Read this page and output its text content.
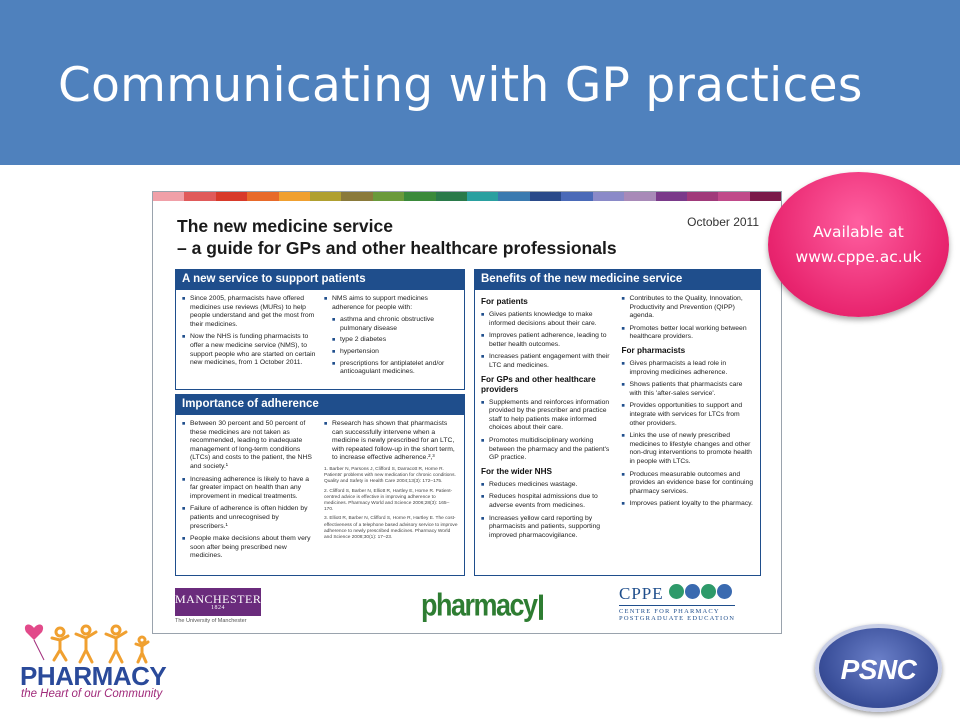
Communicating with GP practices
The new medicine service
– a guide for GPs and other healthcare professionals
October 2011
A new service to support patients
■ Since 2005, pharmacists have offered medicines use reviews (MURs) to help people understand and get the most from their medicines.
■ Now the NHS is funding pharmacists to offer a new medicine service (NMS), to support people who are started on certain new medicines, from 1 October 2011.
■ NMS aims to support medicines adherence for people with:
■ asthma and chronic obstructive pulmonary disease
■ type 2 diabetes
■ hypertension
■ prescriptions for antiplatelet and/or anticoagulant medicines.
Importance of adherence
■ Between 30 percent and 50 percent of these medicines are not taken as recommended, leading to inadequate management of long-term conditions (LTCs) and costs to the patient, the NHS and society.¹
■ Increasing adherence is likely to have a far greater impact on health than any improvement in medical treatments.
■ Failure of adherence is often hidden by patients and unrecognised by prescribers.¹
■ People make decisions about them very soon after being prescribed new medicines.
■ Research has shown that pharmacists can successfully intervene when a medicine is newly prescribed for an LTC, with repeated follow-up in the short term, to increase effective adherence.²,³
1. Barber N, Parsons J, Clifford S, Darracott R, Horne R. Patients' problems with new medication for chronic conditions. Quality and Safety in Health Care 2004;13(3): 172–175.
2. Clifford S, Barber N, Elliott R, Hartley E, Horne R. Patient-centred advice is effective in improving adherence to medicines. Pharmacy World and Science 2006;28(3): 165–170.
3. Elliott R, Barber N, Clifford S, Horne R, Hartley E. The cost-effectiveness of a telephone based advisory service to improve adherence to newly prescribed medicines. Pharmacy World and Science 2008;30(1): 17–23.
Benefits of the new medicine service
For patients
■ Gives patients knowledge to make informed decisions about their care.
■ Improves patient adherence, leading to better health outcomes.
■ Increases patient engagement with their LTC and medicines.
For GPs and other healthcare providers
■ Supplements and reinforces information provided by the prescriber and practice staff to help patients make informed choices about their care.
■ Promotes multidisciplinary working between the pharmacy and the patient's GP practice.
For the wider NHS
■ Reduces medicines wastage.
■ Reduces hospital admissions due to adverse events from medicines.
■ Increases yellow card reporting by pharmacists and patients, supporting improved pharmacovigilance.
■ Contributes to the Quality, Innovation, Productivity and Prevention (QIPP) agenda.
■ Promotes better local working between healthcare providers.
For pharmacists
■ Gives pharmacists a lead role in improving medicines adherence.
■ Shows patients that pharmacists care with this 'after-sales service'.
■ Provides opportunities to support and integrate with services for LTCs from other providers.
■ Links the use of newly prescribed medicines to lifestyle changes and other non-drug interventions to promote health in people with LTCs.
■ Produces measurable outcomes and provides an evidence base for continuing pharmacy services.
■ Improves patient loyalty to the pharmacy.
MANCHESTER
1824
The University of Manchester	pharmacy	CPPE
CENTRE FOR PHARMACY
POSTGRADUATE EDUCATION
Available at
www.cppe.ac.uk
PHARMACY
the Heart of our Community
PSNC
